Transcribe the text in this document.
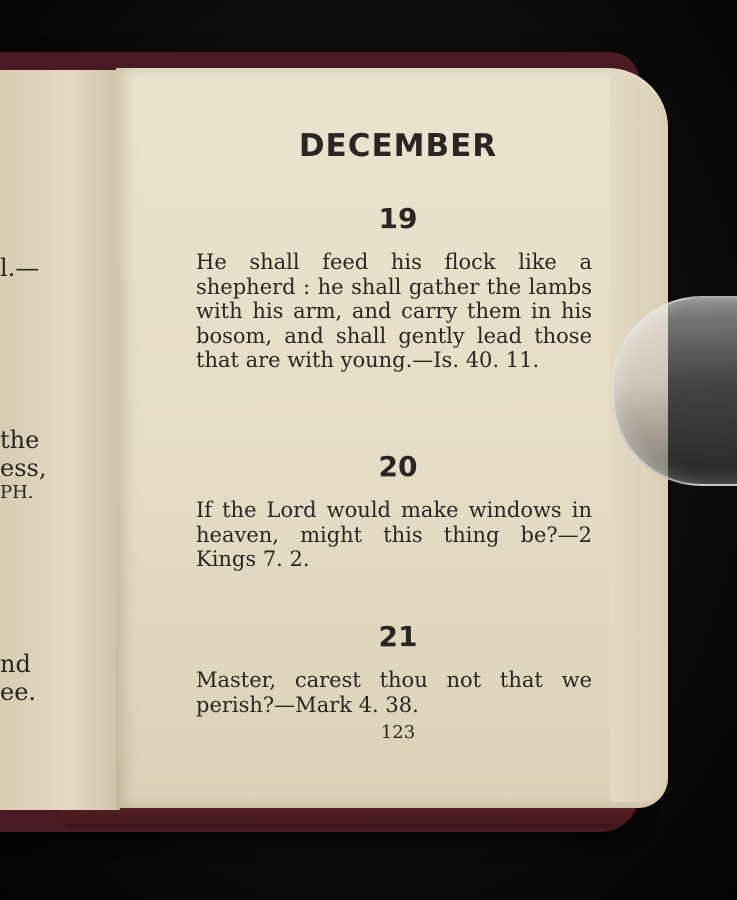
l.—
the
ess,
PH.
nd
ee.
DECEMBER
19
He shall feed his flock like a shepherd : he shall gather the lambs with his arm, and carry them in his bosom, and shall gently lead those that are with young.—Is. 40. 11.
20
If the Lord would make windows in heaven, might this thing be?—2 Kings 7. 2.
21
Master, carest thou not that we perish?—Mark 4. 38.
123
